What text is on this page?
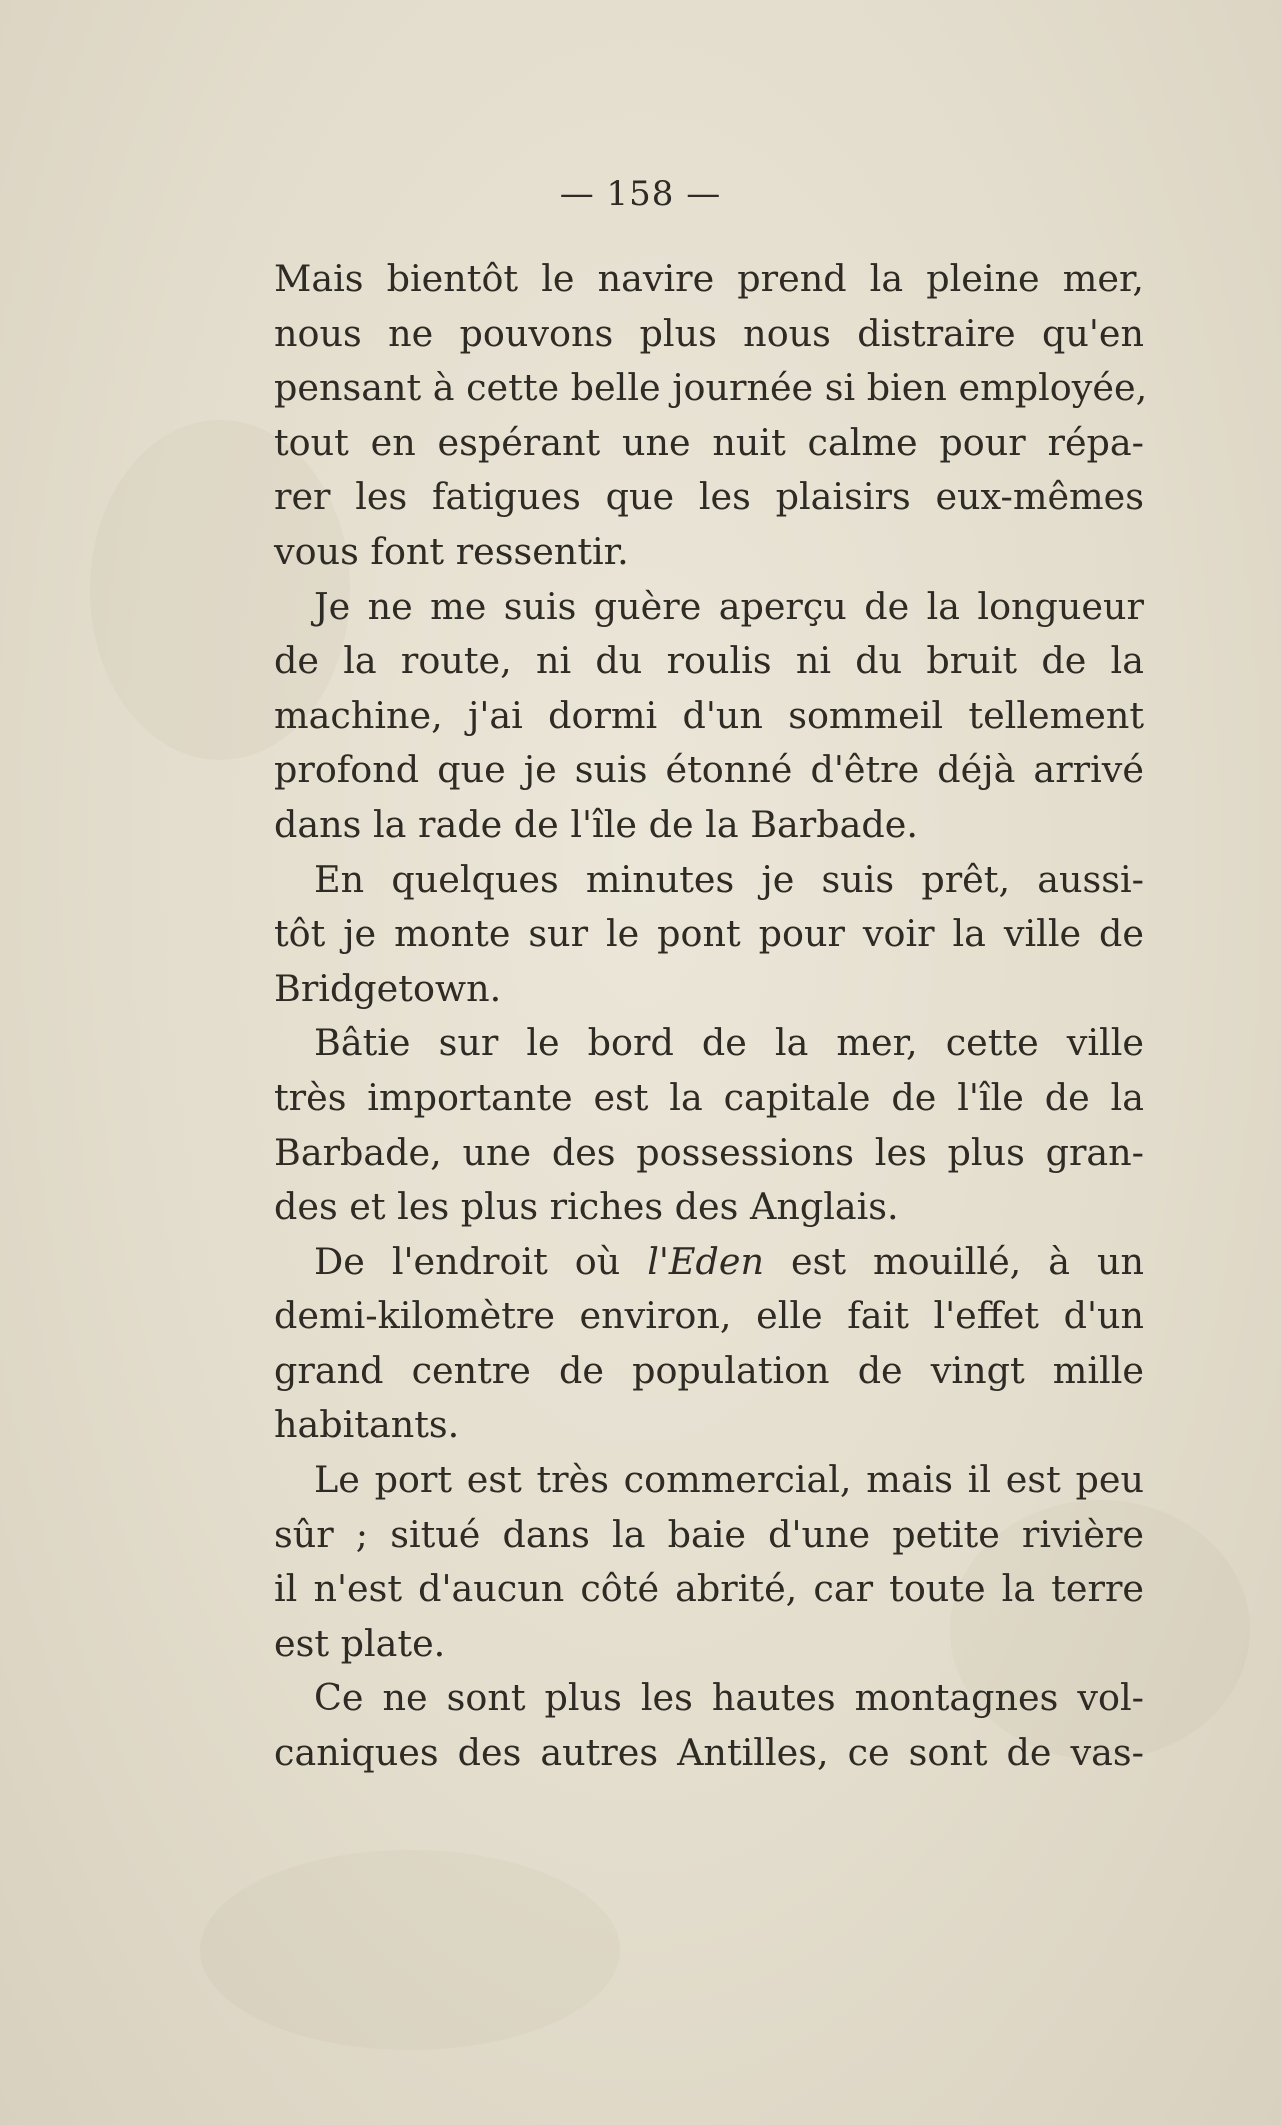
— 158 —
Mais bientôt le navire prend la pleine mer,
nous ne pouvons plus nous distraire qu'en
pensant à cette belle journée si bien employée,
tout en espérant une nuit calme pour répa-
rer les fatigues que les plaisirs eux-mêmes
vous font ressentir.
Je ne me suis guère aperçu de la longueur
de la route, ni du roulis ni du bruit de la
machine, j'ai dormi d'un sommeil tellement
profond que je suis étonné d'être déjà arrivé
dans la rade de l'île de la Barbade.
En quelques minutes je suis prêt, aussi-
tôt je monte sur le pont pour voir la ville de
Bridgetown.
Bâtie sur le bord de la mer, cette ville
très importante est la capitale de l'île de la
Barbade, une des possessions les plus gran-
des et les plus riches des Anglais.
De l'endroit où l'Eden est mouillé, à un
demi-kilomètre environ, elle fait l'effet d'un
grand centre de population de vingt mille
habitants.
Le port est très commercial, mais il est peu
sûr ; situé dans la baie d'une petite rivière
il n'est d'aucun côté abrité, car toute la terre
est plate.
Ce ne sont plus les hautes montagnes vol-
caniques des autres Antilles, ce sont de vas-
